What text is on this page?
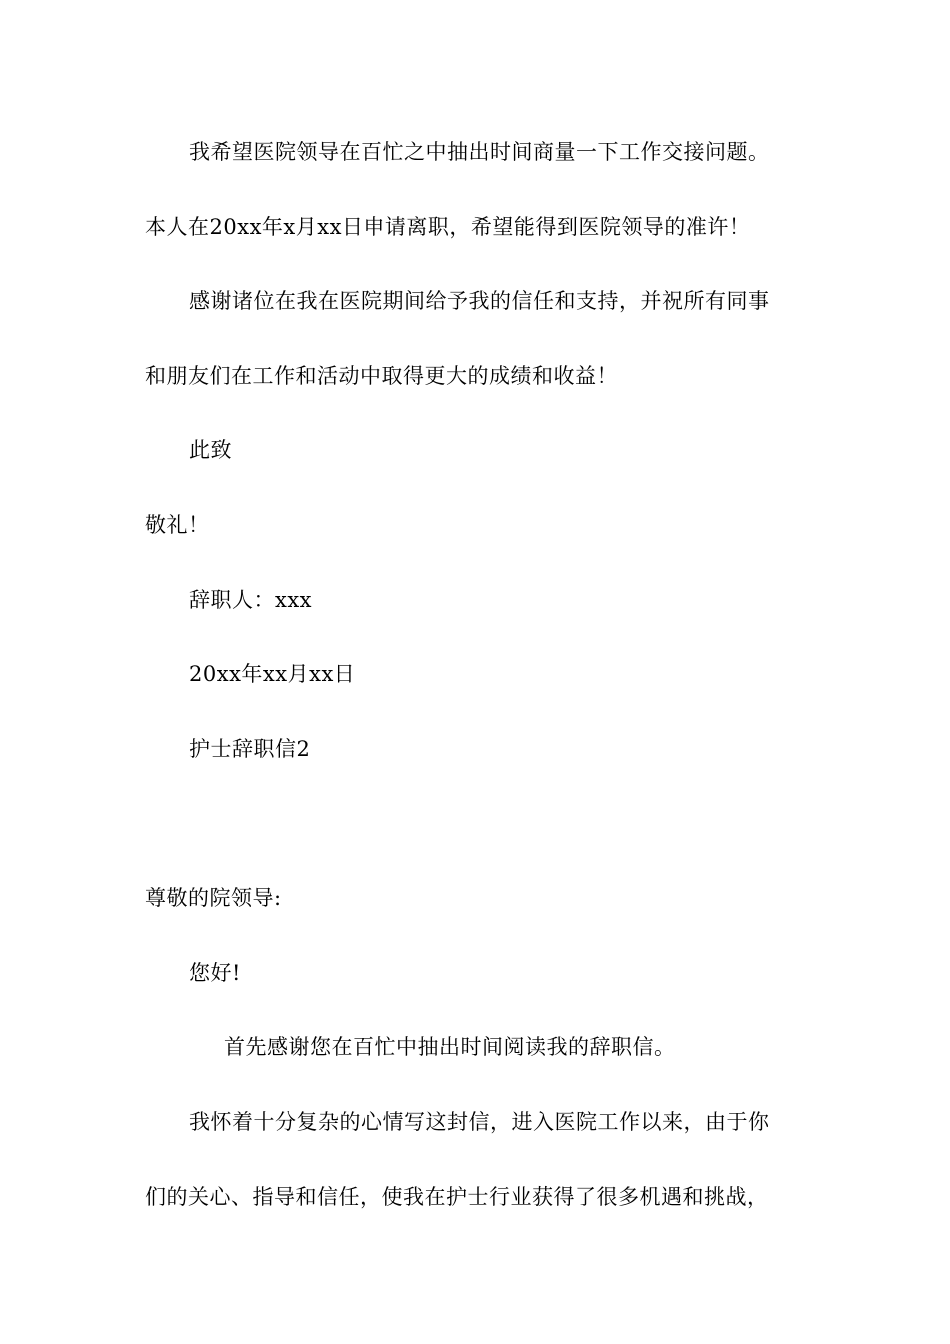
我希望医院领导在百忙之中抽出时间商量一下工作交接问题。
本人在20xx年x月xx日申请离职，希望能得到医院领导的准许！
感谢诸位在我在医院期间给予我的信任和支持，并祝所有同事
和朋友们在工作和活动中取得更大的成绩和收益！
此致
敬礼！
辞职人：xxx
20xx年xx月xx日
护士辞职信2
尊敬的院领导:
您好!
首先感谢您在百忙中抽出时间阅读我的辞职信。
我怀着十分复杂的心情写这封信，进入医院工作以来，由于你
们的关心、指导和信任，使我在护士行业获得了很多机遇和挑战，
